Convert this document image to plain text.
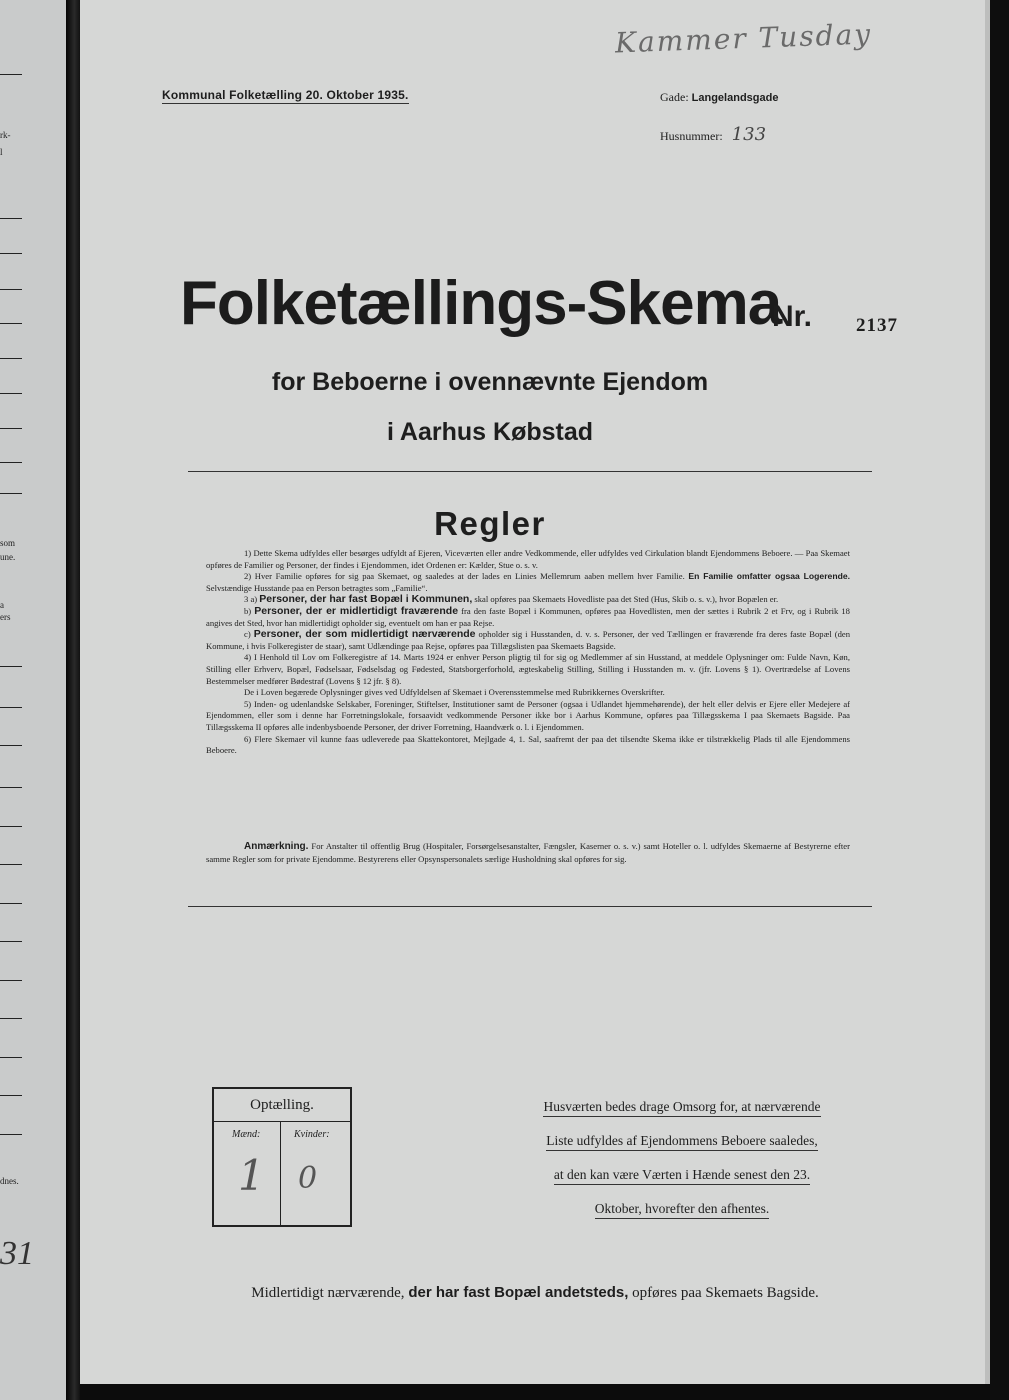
rk-
l
som
une.
a
ers
dnes.
31
Kammer Tusday
Kommunal Folketælling 20. Oktober 1935.	Gade: Langelandsgade
Husnummer: 133
Folketællings-Skema
Nr. 2137
for Beboerne i ovennævnte Ejendom
i Aarhus Købstad
Regler

1) Dette Skema udfyldes eller besørges udfyldt af Ejeren, Viceværten eller andre Vedkommende, eller udfyldes ved Cirkulation blandt Ejendommens Beboere. — Paa Skemaet opføres de Familier og Personer, der findes i Ejendommen, idet Ordenen er: Kælder, Stue o. s. v.

2) Hver Familie opføres for sig paa Skemaet, og saaledes at der lades en Linies Mellemrum aaben mellem hver Familie. En Familie omfatter ogsaa Logerende. Selvstændige Husstande paa en Person betragtes som „Familie“.

3 a) Personer, der har fast Bopæl i Kommunen, skal opføres paa Skemaets Hovedliste paa det Sted (Hus, Skib o. s. v.), hvor Bopælen er.

b) Personer, der er midlertidigt fraværende fra den faste Bopæl i Kommunen, opføres paa Hovedlisten, men der sættes i Rubrik 2 et Frv, og i Rubrik 18 angives det Sted, hvor han midlertidigt opholder sig, eventuelt om han er paa Rejse.

c) Personer, der som midlertidigt nærværende opholder sig i Husstanden, d. v. s. Personer, der ved Tællingen er fraværende fra deres faste Bopæl (den Kommune, i hvis Folkeregister de staar), samt Udlændinge paa Rejse, opføres paa Tillægslisten paa Skemaets Bagside.

4) I Henhold til Lov om Folkeregistre af 14. Marts 1924 er enhver Person pligtig til for sig og Medlemmer af sin Husstand, at meddele Oplysninger om: Fulde Navn, Køn, Stilling eller Erhverv, Bopæl, Fødselsaar, Fødselsdag og Fødested, Statsborgerforhold, ægteskabelig Stilling, Stilling i Husstanden m. v. (jfr. Lovens § 1). Overtrædelse af Lovens Bestemmelser medfører Bødestraf (Lovens § 12 jfr. § 8).

De i Loven begærede Oplysninger gives ved Udfyldelsen af Skemaet i Overensstemmelse med Rubrikkernes Overskrifter.

5) Inden- og udenlandske Selskaber, Foreninger, Stiftelser, Institutioner samt de Personer (ogsaa i Udlandet hjemmehørende), der helt eller delvis er Ejere eller Medejere af Ejendommen, eller som i denne har Forretningslokale, forsaavidt vedkommende Personer ikke bor i Aarhus Kommune, opføres paa Tillægsskema I paa Skemaets Bagside. Paa Tillægsskema II opføres alle indenbysboende Personer, der driver Forretning, Haandværk o. l. i Ejendommen.

6) Flere Skemaer vil kunne faas udleverede paa Skattekontoret, Mejlgade 4, 1. Sal, saafremt der paa det tilsendte Skema ikke er tilstrækkelig Plads til alle Ejendommens Beboere.

Anmærkning. For Anstalter til offentlig Brug (Hospitaler, Forsørgelsesanstalter, Fængsler, Kaserner o. s. v.) samt Hoteller o. l. udfyldes Skemaerne af Bestyrerne efter samme Regler som for private Ejendomme. Bestyrerens eller Opsynspersonalets særlige Husholdning skal opføres for sig.

Optælling.
Mænd:	Kvinder:
1 0
Husværten bedes drage Omsorg for, at nærværende
Liste udfyldes af Ejendommens Beboere saaledes,
at den kan være Værten i Hænde senest den 23.
Oktober, hvorefter den afhentes.
Midlertidigt nærværende, der har fast Bopæl andetsteds, opføres paa Skemaets Bagside.
